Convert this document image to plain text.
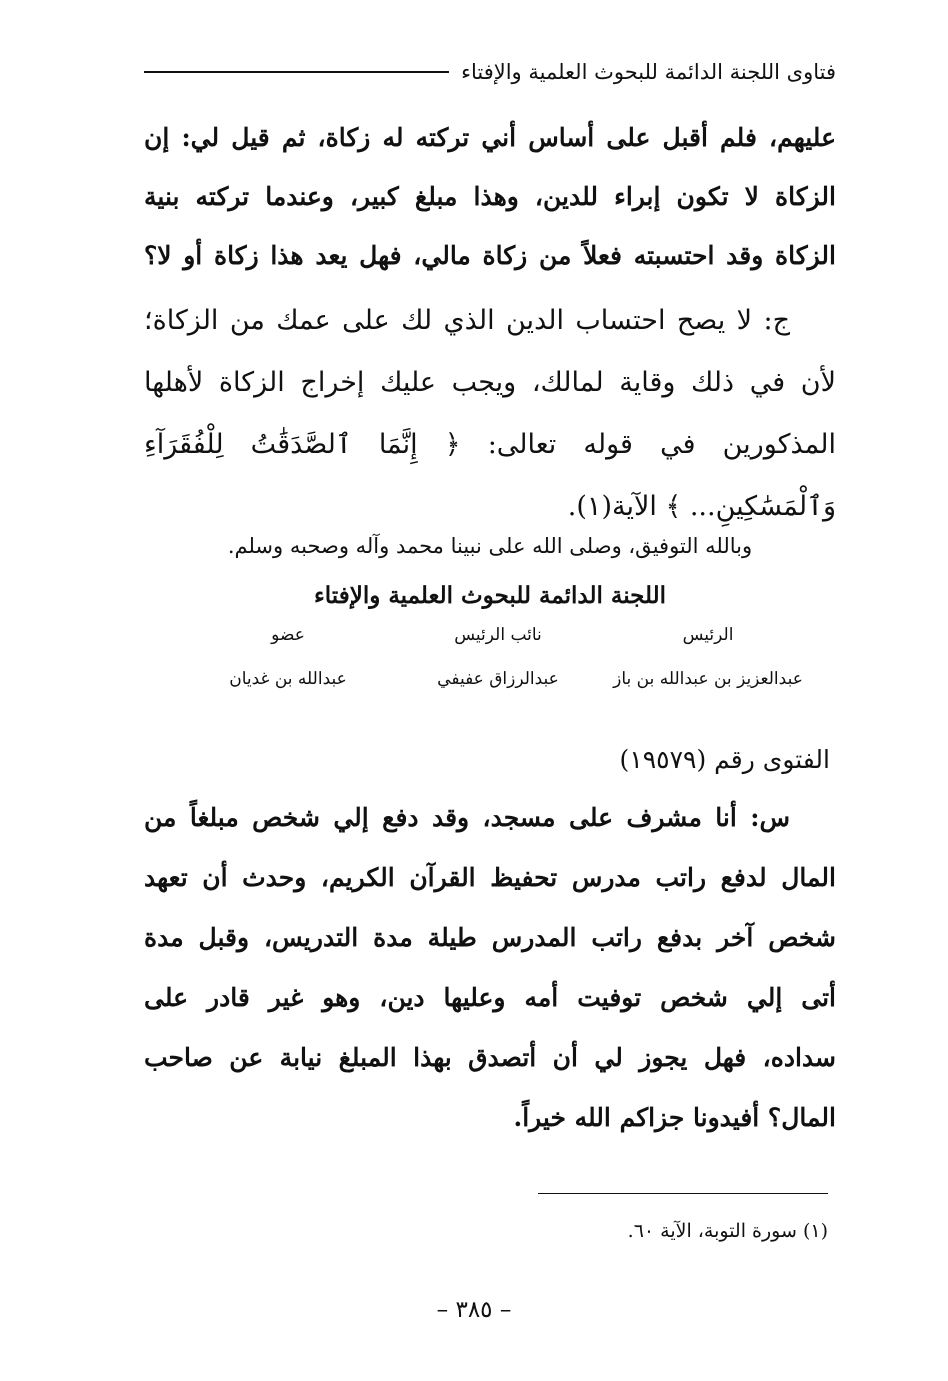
فتاوى اللجنة الدائمة للبحوث العلمية والإفتاء
عليهم، فلم أقبل على أساس أني تركته له زكاة، ثم قيل لي: إن
الزكاة لا تكون إبراء للدين، وهذا مبلغ كبير، وعندما تركته بنية
الزكاة وقد احتسبته فعلاً من زكاة مالي، فهل يعد هذا زكاة أو لا؟
ج: لا يصح احتساب الدين الذي لك على عمك من الزكاة؛
لأن في ذلك وقاية لمالك، ويجب عليك إخراج الزكاة لأهلها
المذكورين في قوله تعالى: ﴿ إِنَّمَا ٱلصَّدَقَٰتُ لِلْفُقَرَآءِ
وَٱلْمَسَٰكِينِ... ﴾ الآية(١).
وبالله التوفيق، وصلى الله على نبينا محمد وآله وصحبه وسلم.
اللجنة الدائمة للبحوث العلمية والإفتاء
الرئيس
عبدالعزيز بن عبدالله بن باز
نائب الرئيس
عبدالرزاق عفيفي
عضو
عبدالله بن غديان
الفتوى رقم (١٩٥٧٩)
س: أنا مشرف على مسجد، وقد دفع إلي شخص مبلغاً من
المال لدفع راتب مدرس تحفيظ القرآن الكريم، وحدث أن تعهد
شخص آخر بدفع راتب المدرس طيلة مدة التدريس، وقبل مدة
أتى إلي شخص توفيت أمه وعليها دين، وهو غير قادر على
سداده، فهل يجوز لي أن أتصدق بهذا المبلغ نيابة عن صاحب
المال؟ أفيدونا جزاكم الله خيراً.
(١) سورة التوبة، الآية ٦٠.
– ٣٨٥ –
